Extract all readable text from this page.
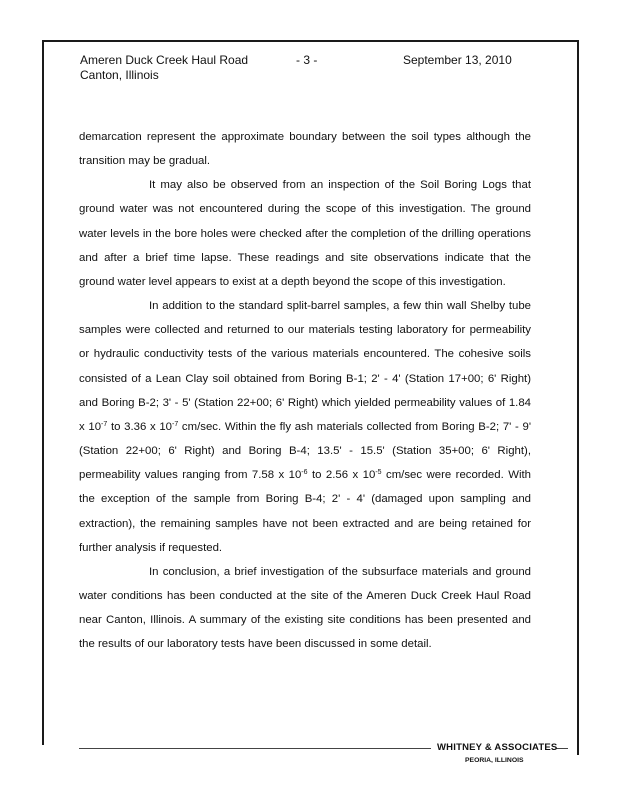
Ameren Duck Creek Haul Road
Canton, Illinois
- 3 -	September 13, 2010

demarcation represent the approximate boundary between the soil types although the transition may be gradual.

It may also be observed from an inspection of the Soil Boring Logs that ground water was not encountered during the scope of this investigation. The ground water levels in the bore holes were checked after the completion of the drilling operations and after a brief time lapse. These readings and site observations indicate that the ground water level appears to exist at a depth beyond the scope of this investigation.

In addition to the standard split-barrel samples, a few thin wall Shelby tube samples were collected and returned to our materials testing laboratory for permeability or hydraulic conductivity tests of the various materials encountered. The cohesive soils consisted of a Lean Clay soil obtained from Boring B-1; 2' - 4' (Station 17+00; 6' Right) and Boring B-2; 3' - 5' (Station 22+00; 6' Right) which yielded permeability values of 1.84 x $10^{-7}$ to 3.36 x $10^{-7}$ cm/sec. Within the fly ash materials collected from Boring B-2; 7' - 9' (Station 22+00; 6' Right) and Boring B-4; 13.5' - 15.5' (Station 35+00; 6' Right), permeability values ranging from 7.58 x $10^{-6}$ to 2.56 x $10^{-5}$ cm/sec were recorded. With the exception of the sample from Boring B-4; 2' - 4' (damaged upon sampling and extraction), the remaining samples have not been extracted and are being retained for further analysis if requested.

In conclusion, a brief investigation of the subsurface materials and ground water conditions has been conducted at the site of the Ameren Duck Creek Haul Road near Canton, Illinois. A summary of the existing site conditions has been presented and the results of our laboratory tests have been discussed in some detail.

WHITNEY & ASSOCIATES
PEORIA, ILLINOIS
